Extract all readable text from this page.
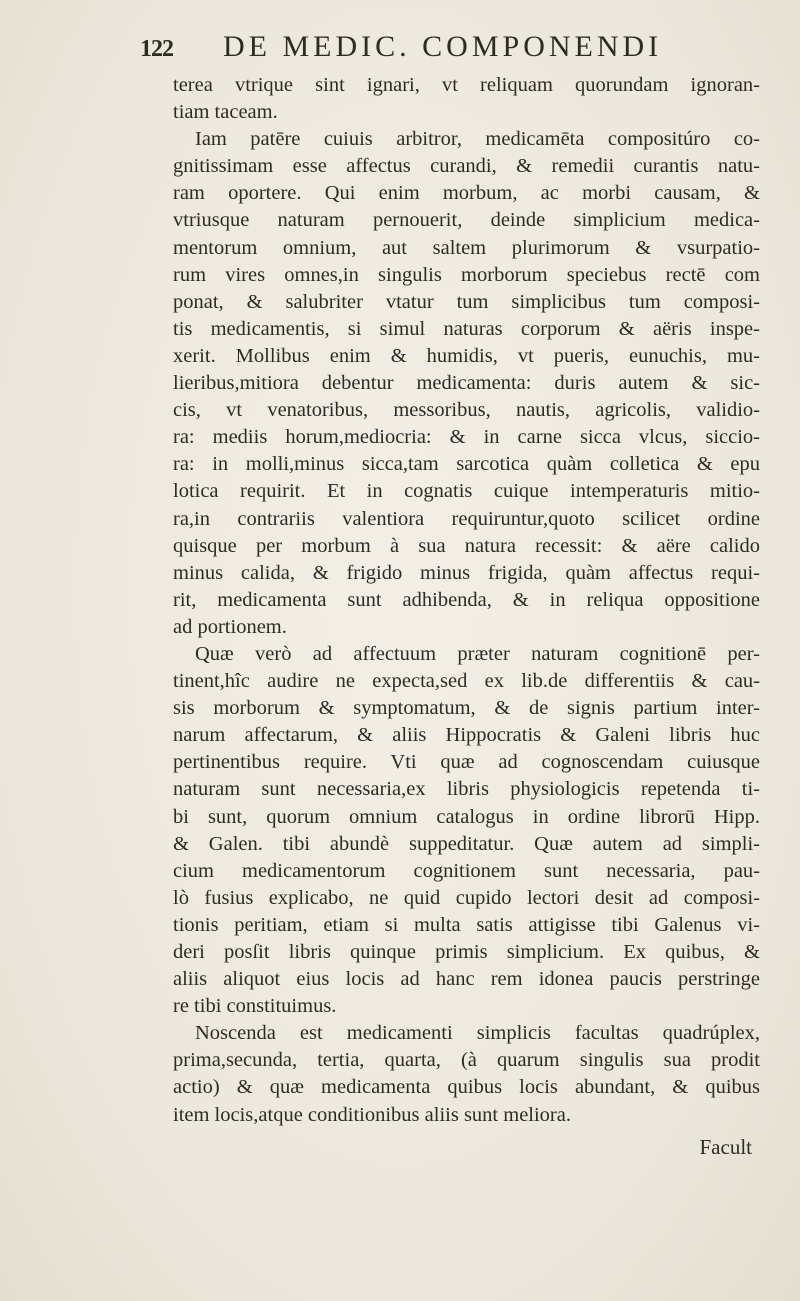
122 DE MEDIC. COMPONENDI
terea vtrique sint ignari, vt reliquam quorundam ignoran-
tiam taceam.
Iam patēre cuiuis arbitror, medicamēta compositúro co-
gnitissimam esse affectus curandi, & remedii curantis natu-
ram oportere. Qui enim morbum, ac morbi causam, &
vtriusque naturam pernouerit, deinde simplicium medica-
mentorum omnium, aut saltem plurimorum & vsurpatio-
rum vires omnes,in singulis morborum speciebus rectē com
ponat, & salubriter vtatur tum simplicibus tum composi-
tis medicamentis, si simul naturas corporum & aëris inspe-
xerit. Mollibus enim & humidis, vt pueris, eunuchis, mu-
lieribus,mitiora debentur medicamenta: duris autem & sic-
cis, vt venatoribus, messoribus, nautis, agricolis, validio-
ra: mediis horum,mediocria: & in carne sicca vlcus, siccio-
ra: in molli,minus sicca,tam sarcotica quàm colletica & epu
lotica requirit. Et in cognatis cuique intemperaturis mitio-
ra,in contrariis valentiora requiruntur,quoto scilicet ordine
quisque per morbum à sua natura recessit: & aëre calido
minus calida, & frigido minus frigida, quàm affectus requi-
rit, medicamenta sunt adhibenda, & in reliqua oppositione
ad portionem.
Quæ verò ad affectuum præter naturam cognitionē per-
tinent,hîc audire ne expecta,sed ex lib.de differentiis & cau-
sis morborum & symptomatum, & de signis partium inter-
narum affectarum, & aliis Hippocratis & Galeni libris huc
pertinentibus require. Vti quæ ad cognoscendam cuiusque
naturam sunt necessaria,ex libris physiologicis repetenda ti-
bi sunt, quorum omnium catalogus in ordine librorū Hipp.
& Galen. tibi abundè suppeditatur. Quæ autem ad simpli-
cium medicamentorum cognitionem sunt necessaria, pau-
lò fusius explicabo, ne quid cupido lectori desit ad composi-
tionis peritiam, etiam si multa satis attigisse tibi Galenus vi-
deri posſit libris quinque primis simplicium. Ex quibus, &
aliis aliquot eius locis ad hanc rem idonea paucis perstringe
re tibi constituimus.
Noscenda est medicamenti simplicis facultas quadrúplex,
prima,secunda, tertia, quarta, (à quarum singulis sua prodit
actio) & quæ medicamenta quibus locis abundant, & quibus
item locis,atque conditionibus aliis sunt meliora.
Facult
